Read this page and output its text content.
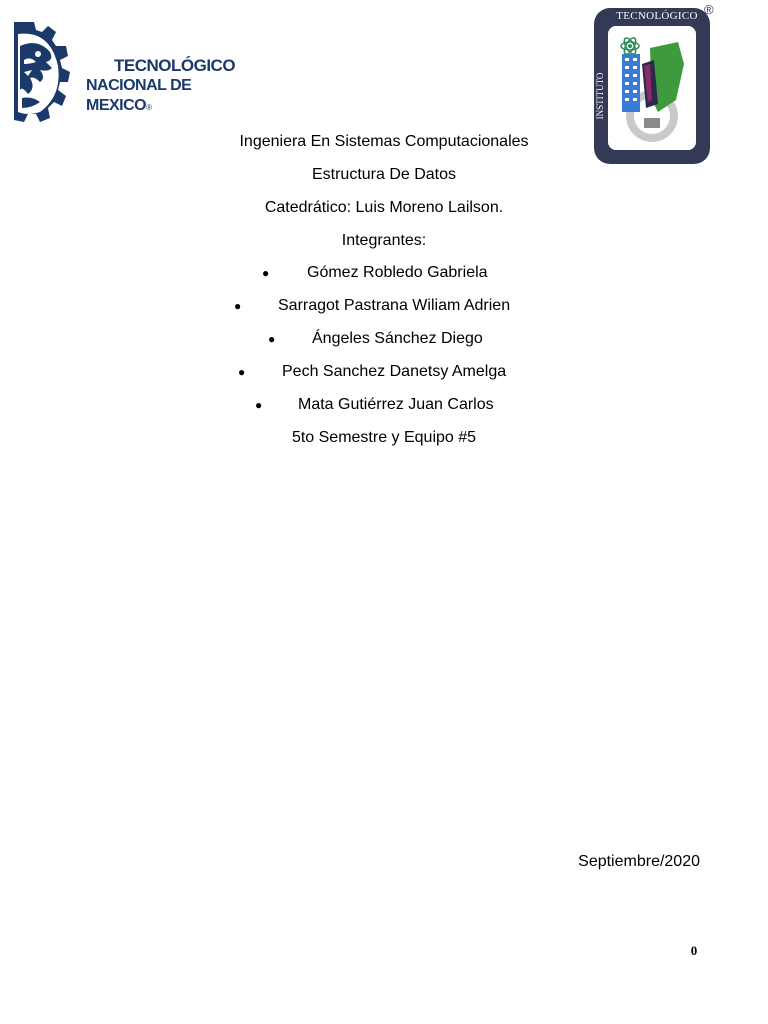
TECNOLÓGICO
NACIONAL DE MEXICO®
TECNOLÓGICO
INSTITUTO	DE CANCÚN
®
Ingeniera En Sistemas Computacionales
Estructura De Datos
Catedrático: Luis Moreno Lailson.
Integrantes:
● Gómez Robledo Gabriela
● Sarragot Pastrana Wiliam Adrien
● Ángeles Sánchez Diego
● Pech Sanchez Danetsy Amelga
● Mata Gutiérrez Juan Carlos
5to Semestre y Equipo #5
Septiembre/2020
0
